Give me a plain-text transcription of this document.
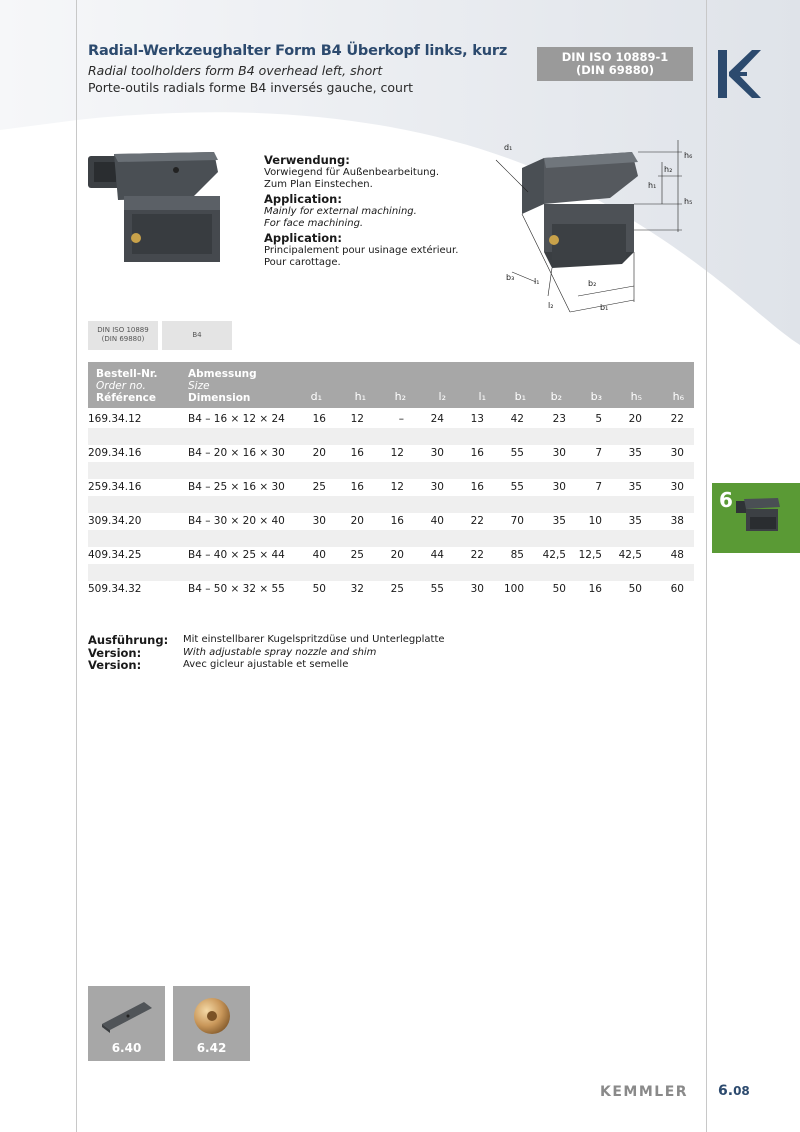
Radial-Werkzeughalter Form B4 Überkopf links, kurz
Radial toolholders form B4 overhead left, short
Porte-outils radials forme B4 inversés gauche, court
DIN ISO 10889-1
(DIN 69880)
Verwendung:
Vorwiegend für Außenbearbeitung.
Zum Plan Einstechen.
Application:
Mainly for external machining.
For face machining.
Application:
Principalement pour usinage extérieur.
Pour carottage.
d₁
h₆
h₂
h₁
h₅
b₃ l₁	b₂
l₂	b₁
DIN ISO 10889
(DIN 69880)	B4
Bestell-Nr.
Order no.
Référence
Abmessung
Size
Dimension	d₁	h₁	h₂	l₂	l₁	b₁	b₂	b₃	h₅	h₆
169.34.12	B4 – 16 × 12 × 24	16	12	–	24	13	42	23	5	20	22
209.34.16	B4 – 20 × 16 × 30	20	16	12	30	16	55	30	7	35	30
259.34.16	B4 – 25 × 16 × 30	25	16	12	30	16	55	30	7	35	30
309.34.20	B4 – 30 × 20 × 40	30	20	16	40	22	70	35	10	35	38
409.34.25	B4 – 40 × 25 × 44	40	25	20	44	22	85	42,5	12,5	42,5	48
509.34.32	B4 – 50 × 32 × 55	50	32	25	55	30	100	50	16	50	60
Ausführung:	Mit einstellbarer Kugelspritzdüse und Unterlegplatte
Version:	With adjustable spray nozzle and shim
Version:	Avec gicleur ajustable et semelle
6
6.40	6.42
KEMMLER 6.08
